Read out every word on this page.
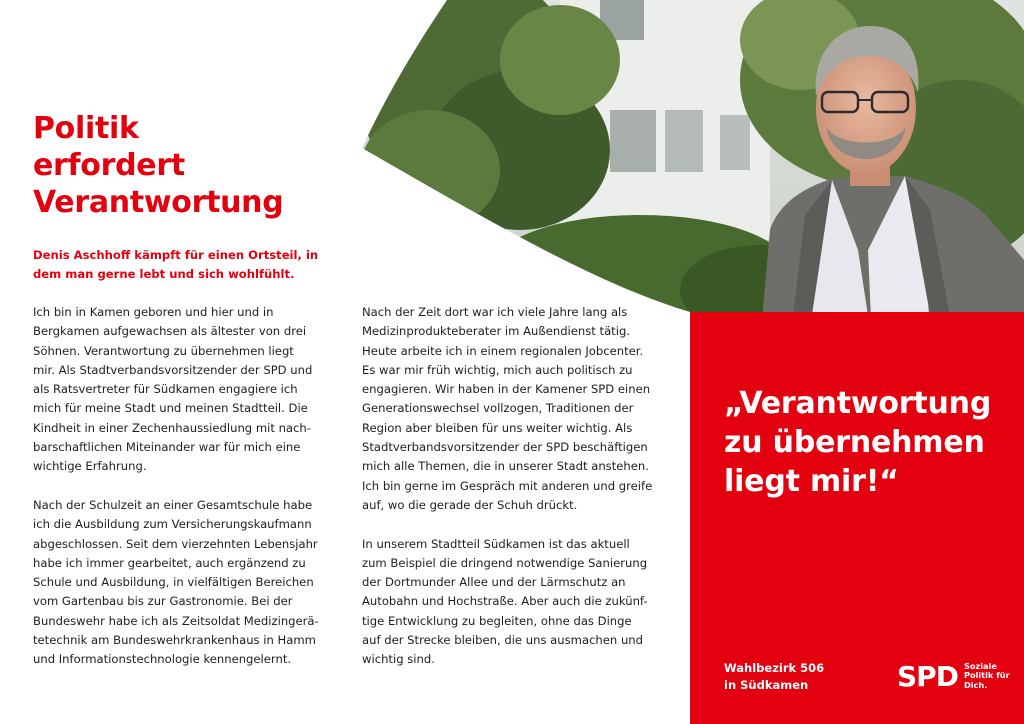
Politik
erfordert
Verantwortung

Denis Aschhoff kämpft für einen Ortsteil, in dem man gerne lebt und sich wohlfühlt.

Ich bin in Kamen geboren und hier und in
Bergkamen aufgewachsen als ältester von drei
Söhnen. Verantwortung zu übernehmen liegt
mir. Als Stadtverbandsvorsitzender der SPD und
als Ratsvertreter für Südkamen engagiere ich
mich für meine Stadt und meinen Stadtteil. Die
Kindheit in einer Zechenhaussiedlung mit nach-
barschaftlichen Miteinander war für mich eine
wichtige Erfahrung.

Nach der Schulzeit an einer Gesamtschule habe
ich die Ausbildung zum Versicherungskaufmann
abgeschlossen. Seit dem vierzehnten Lebensjahr
habe ich immer gearbeitet, auch ergänzend zu
Schule und Ausbildung, in vielfältigen Bereichen
vom Gartenbau bis zur Gastronomie. Bei der
Bundeswehr habe ich als Zeitsoldat Medizingerä-
tetechnik am Bundeswehrkrankenhaus in Hamm
und Informationstechnologie kennengelernt.

Nach der Zeit dort war ich viele Jahre lang als
Medizinprodukteberater im Außendienst tätig.
Heute arbeite ich in einem regionalen Jobcenter.
Es war mir früh wichtig, mich auch politisch zu
engagieren. Wir haben in der Kamener SPD einen
Generationswechsel vollzogen, Traditionen der
Region aber bleiben für uns weiter wichtig. Als
Stadtverbandsvorsitzender der SPD beschäftigen
mich alle Themen, die in unserer Stadt anstehen.
Ich bin gerne im Gespräch mit anderen und greife
auf, wo die gerade der Schuh drückt.

In unserem Stadtteil Südkamen ist das aktuell
zum Beispiel die dringend notwendige Sanierung
der Dortmunder Allee und der Lärmschutz an
Autobahn und Hochstraße. Aber auch die zukünf-
tige Entwicklung zu begleiten, ohne das Dinge
auf der Strecke bleiben, die uns ausmachen und
wichtig sind.

„Verantwortung
zu übernehmen
liegt mir!“

Wahlbezirk 506
in Südkamen	SPD Soziale
Politik für
Dich.
